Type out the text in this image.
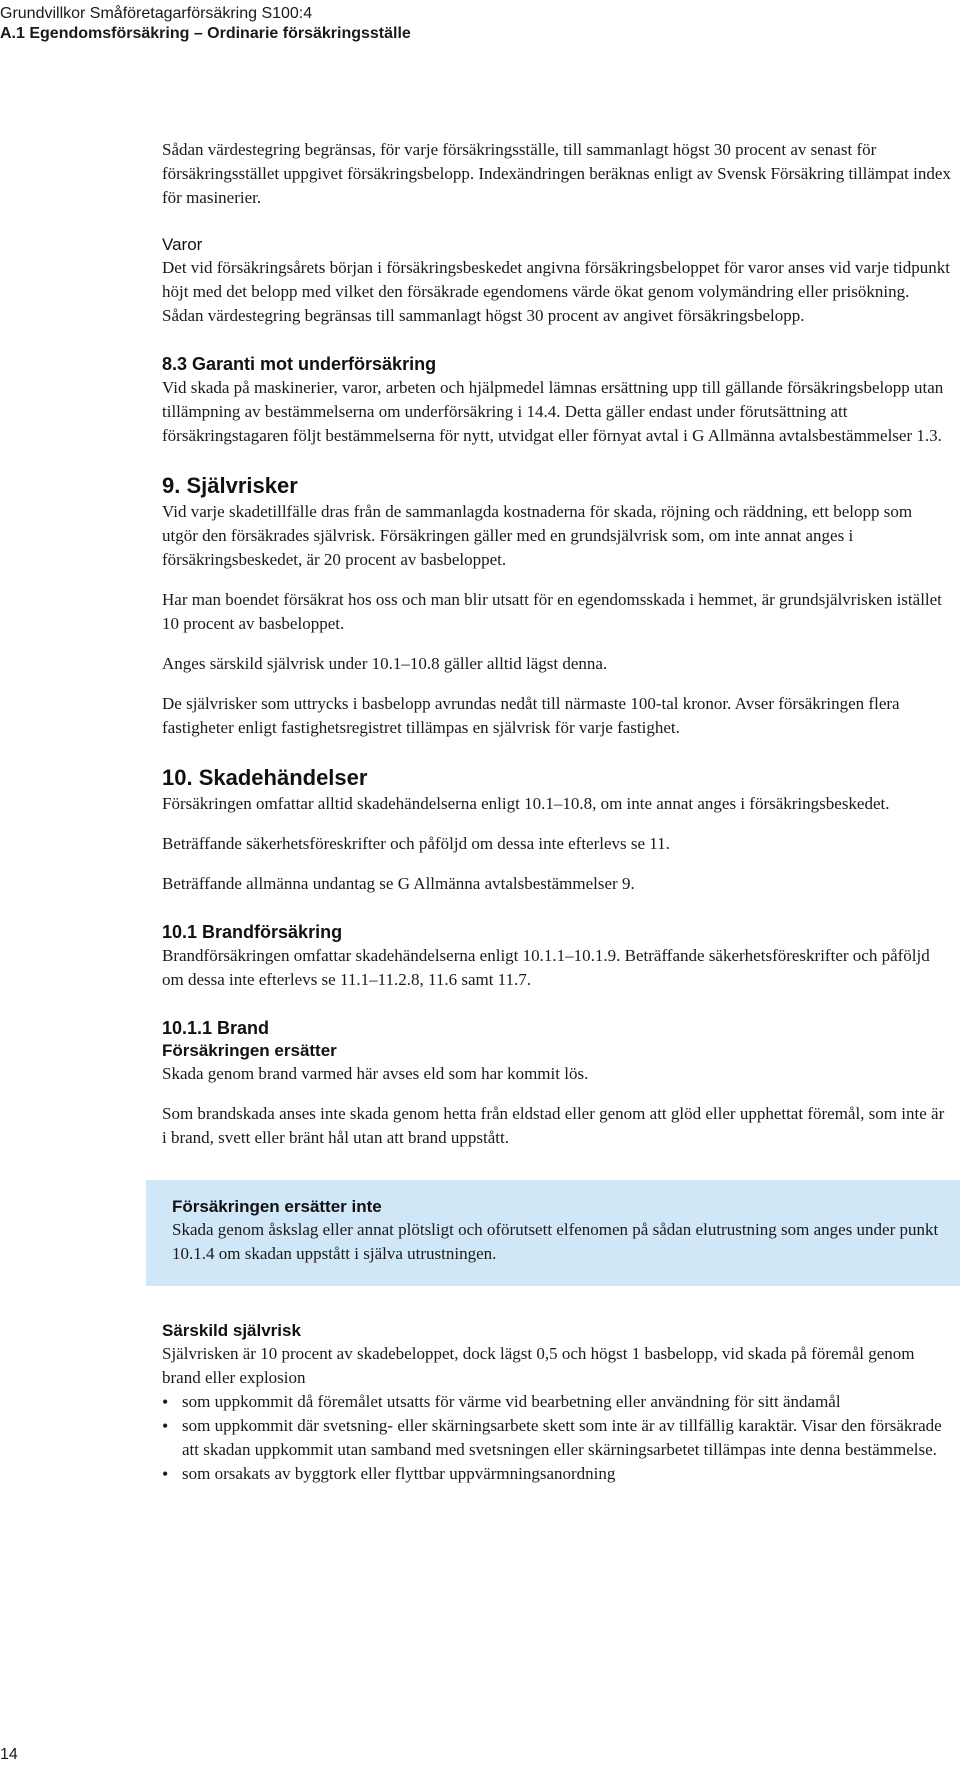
Grundvillkor Småföretagarförsäkring S100:4
A.1 Egendomsförsäkring – Ordinarie försäkringsställe

Sådan värdestegring begränsas, för varje försäkringsställe, till sammanlagt högst 30 procent av senast för försäkringsstället uppgivet försäkringsbelopp. Indexändringen beräknas enligt av Svensk Försäkring tillämpat index för masinerier.

Varor

Det vid försäkringsårets början i försäkringsbeskedet angivna försäkringsbeloppet för varor anses vid varje tidpunkt höjt med det belopp med vilket den försäkrade egendomens värde ökat genom volymändring eller prisökning. Sådan värdestegring begränsas till sammanlagt högst 30 procent av angivet försäkringsbelopp.

8.3 Garanti mot underförsäkring

Vid skada på maskinerier, varor, arbeten och hjälpmedel lämnas ersättning upp till gällande försäkringsbelopp utan tillämpning av bestämmelserna om underförsäkring i 14.4. Detta gäller endast under förutsättning att försäkringstagaren följt bestämmelserna för nytt, utvidgat eller förnyat avtal i G Allmänna avtalsbestämmelser 1.3.

9. Självrisker

Vid varje skadetillfälle dras från de sammanlagda kostnaderna för skada, röjning och räddning, ett belopp som utgör den försäkrades självrisk. Försäkringen gäller med en grundsjälvrisk som, om inte annat anges i försäkringsbeskedet, är 20 procent av basbeloppet.

Har man boendet försäkrat hos oss och man blir utsatt för en egendomsskada i hemmet, är grundsjälvrisken istället 10 procent av basbeloppet.

Anges särskild självrisk under 10.1–10.8 gäller alltid lägst denna.

De självrisker som uttrycks i basbelopp avrundas nedåt till närmaste 100-tal kronor. Avser försäkringen flera fastigheter enligt fastighetsregistret tillämpas en självrisk för varje fastighet.

10. Skadehändelser

Försäkringen omfattar alltid skadehändelserna enligt 10.1–10.8, om inte annat anges i försäkringsbeskedet.

Beträffande säkerhetsföreskrifter och påföljd om dessa inte efterlevs se 11.

Beträffande allmänna undantag se G Allmänna avtalsbestämmelser 9.

10.1 Brandförsäkring

Brandförsäkringen omfattar skadehändelserna enligt 10.1.1–10.1.9. Beträffande säkerhetsföreskrifter och påföljd om dessa inte efterlevs se 11.1–11.2.8, 11.6 samt 11.7.

10.1.1 Brand
Försäkringen ersätter

Skada genom brand varmed här avses eld som har kommit lös.

Som brandskada anses inte skada genom hetta från eldstad eller genom att glöd eller upphettat föremål, som inte är i brand, svett eller bränt hål utan att brand uppstått.

Försäkringen ersätter inte

Skada genom åskslag eller annat plötsligt och oförutsett elfenomen på sådan elutrustning som anges under punkt 10.1.4 om skadan uppstått i själva utrustningen.

Särskild självrisk

Självrisken är 10 procent av skadebeloppet, dock lägst 0,5 och högst 1 basbelopp, vid skada på föremål genom brand eller explosion

• som uppkommit då föremålet utsatts för värme vid bearbetning eller användning för sitt ändamål
• som uppkommit där svetsning- eller skärningsarbete skett som inte är av tillfällig karaktär. Visar den försäkrade att skadan uppkommit utan samband med svetsningen eller skärningsarbetet tillämpas inte denna bestämmelse.
• som orsakats av byggtork eller flyttbar uppvärmningsanordning
14
